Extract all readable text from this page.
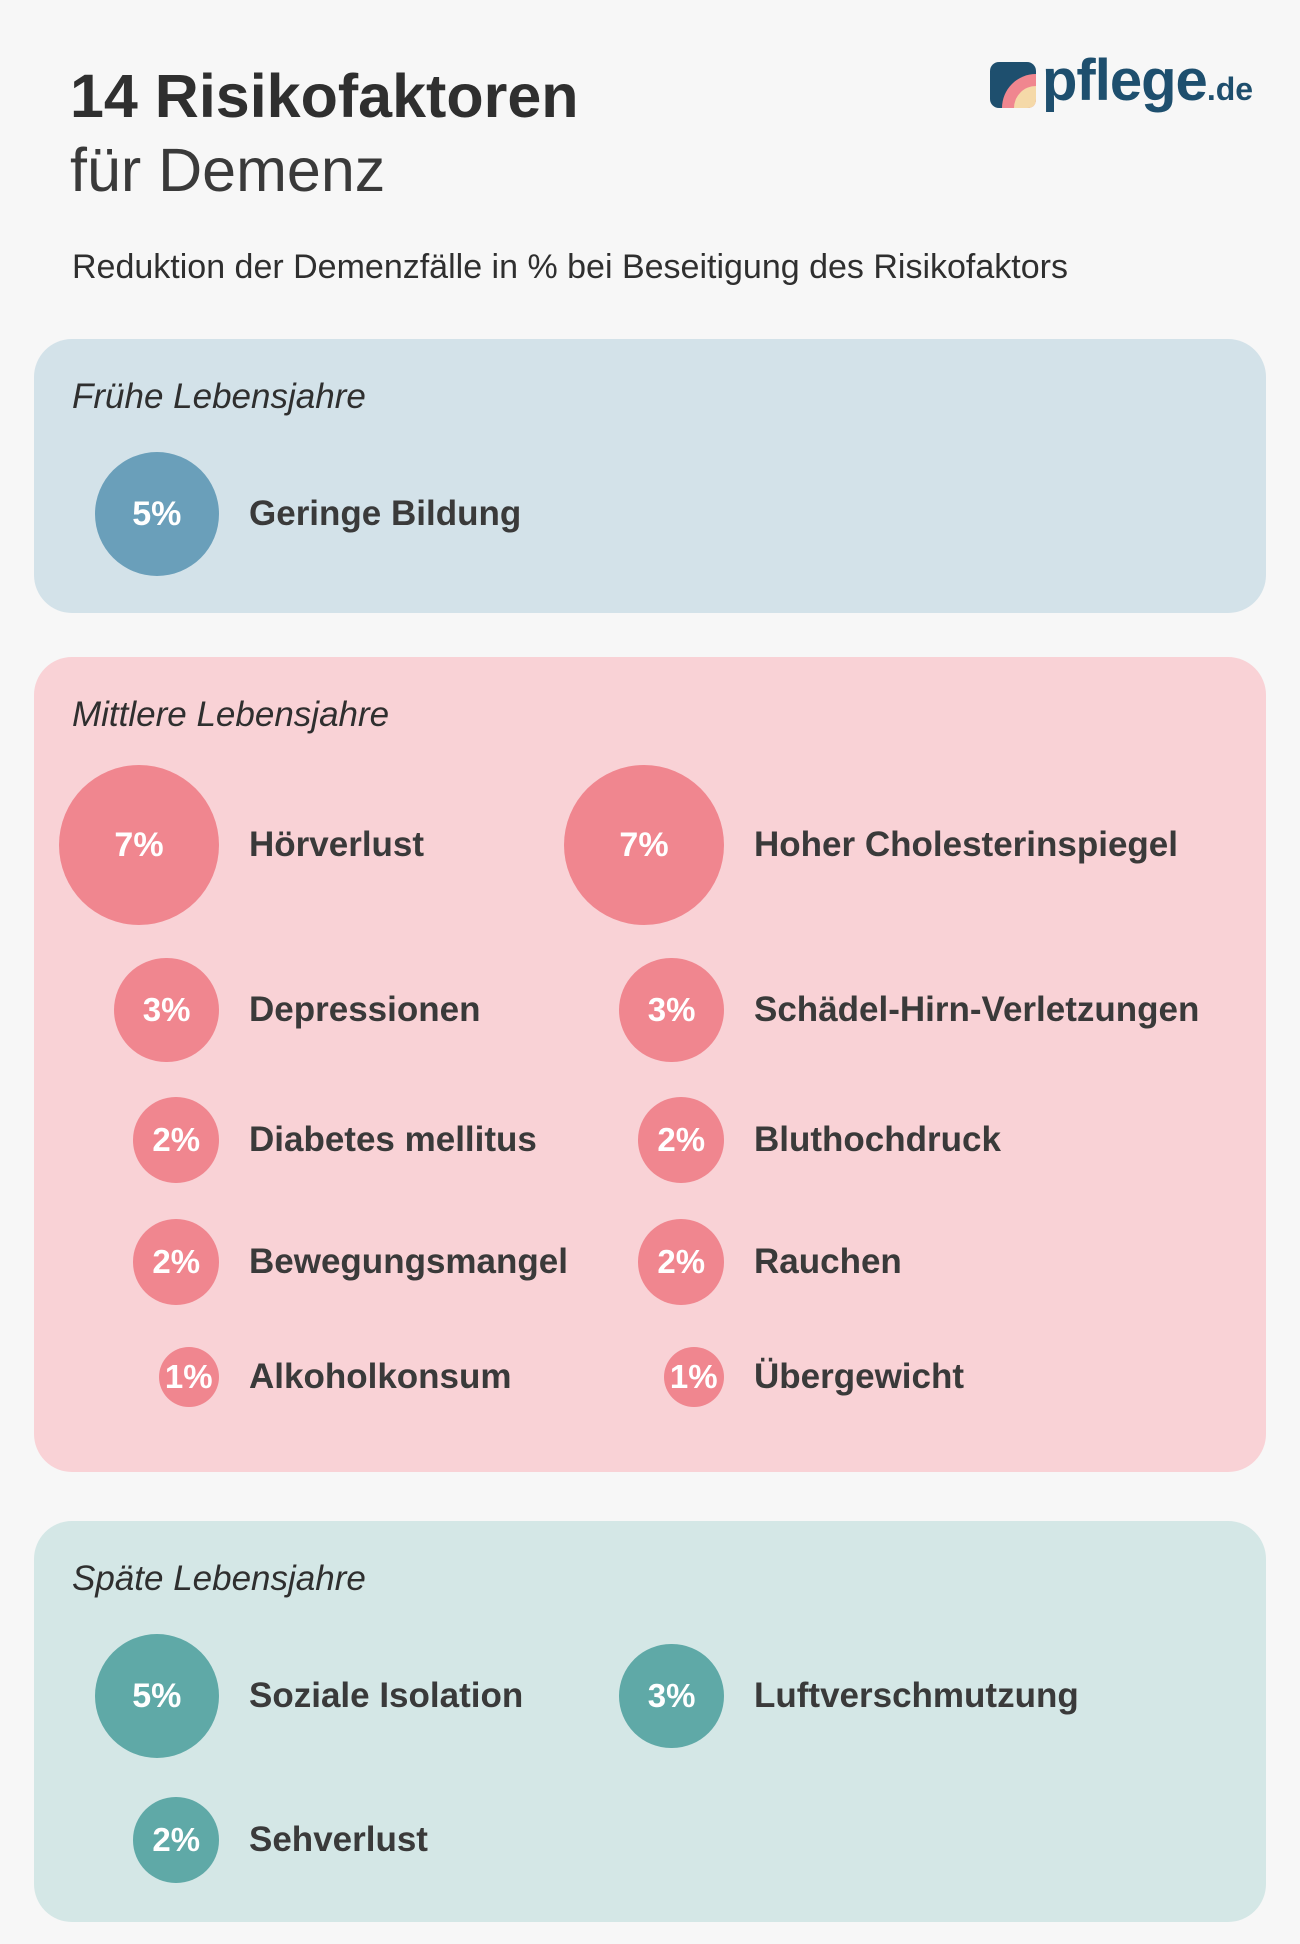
14 Risikofaktoren
für Demenz
Reduktion der Demenzfälle in % bei Beseitigung des Risikofaktors
pflege.de
Frühe Lebensjahre
5%	Geringe Bildung
Mittlere Lebensjahre
7%	Hörverlust	7%	Hoher Cholesterinspiegel
3%	Depressionen	3%	Schädel-Hirn-Verletzungen
2%	Diabetes mellitus	2%	Bluthochdruck
2%	Bewegungsmangel	2%	Rauchen
1% Alkoholkonsum	1% Übergewicht
Späte Lebensjahre
5%	Soziale Isolation	3%	Luftverschmutzung
2%	Sehverlust
